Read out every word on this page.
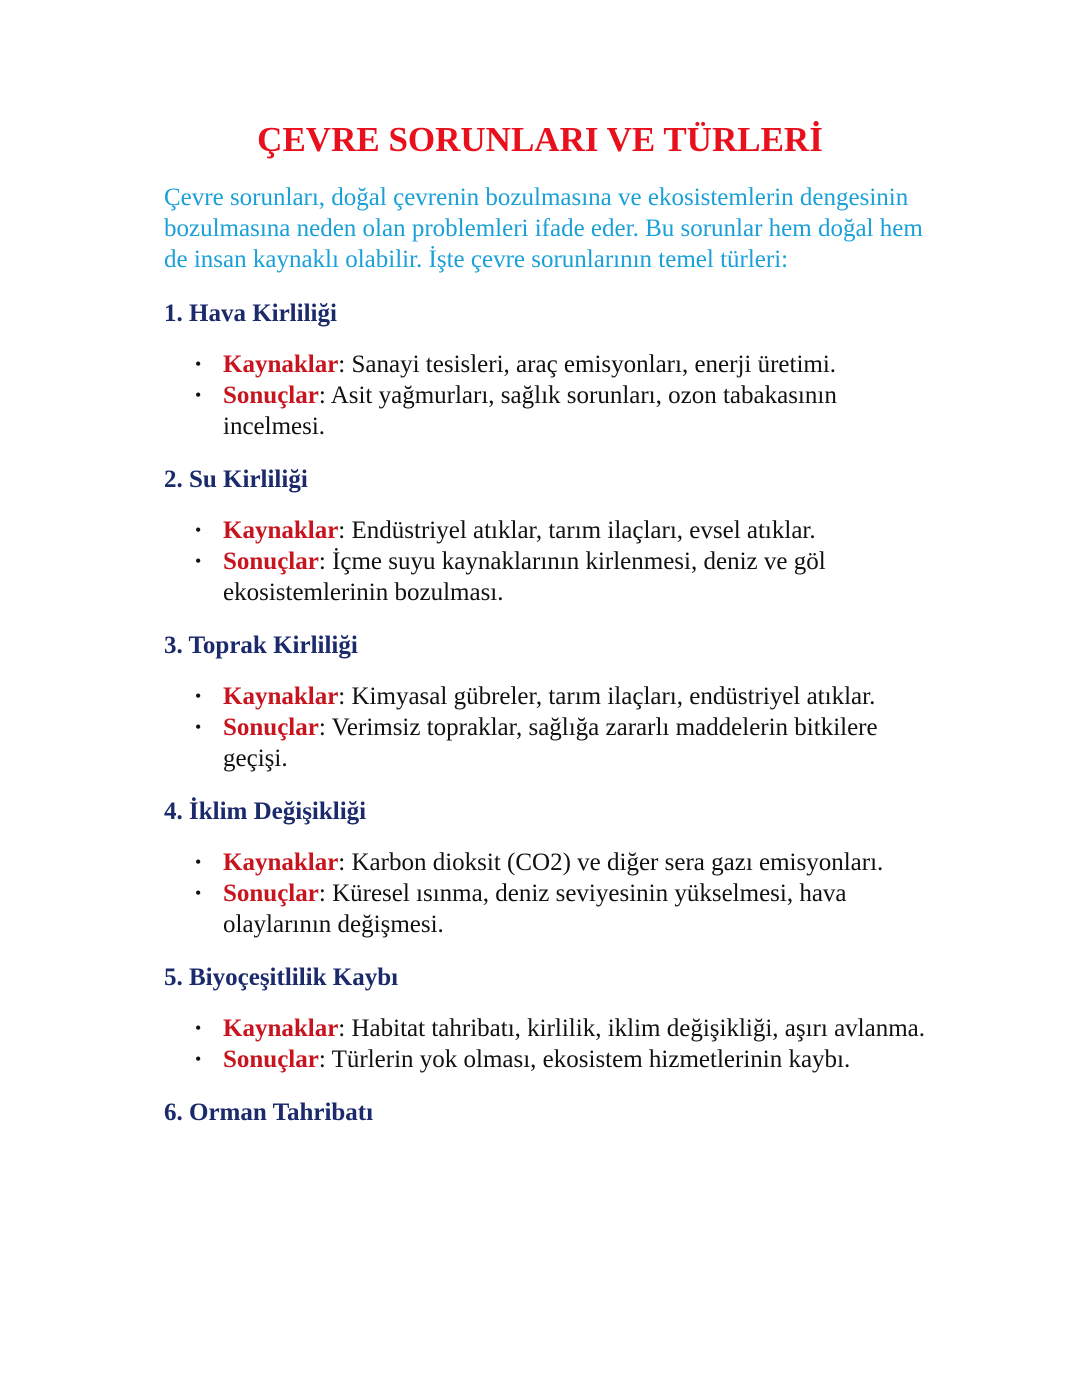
ÇEVRE SORUNLARI VE TÜRLERİ

Çevre sorunları, doğal çevrenin bozulmasına ve ekosistemlerin dengesinin bozulmasına neden olan problemleri ifade eder. Bu sorunlar hem doğal hem de insan kaynaklı olabilir. İşte çevre sorunlarının temel türleri:

1. Hava Kirliliği
• Kaynaklar: Sanayi tesisleri, araç emisyonları, enerji üretimi.
• Sonuçlar: Asit yağmurları, sağlık sorunları, ozon tabakasının incelmesi.
2. Su Kirliliği
• Kaynaklar: Endüstriyel atıklar, tarım ilaçları, evsel atıklar.
• Sonuçlar: İçme suyu kaynaklarının kirlenmesi, deniz ve göl ekosistemlerinin bozulması.
3. Toprak Kirliliği
• Kaynaklar: Kimyasal gübreler, tarım ilaçları, endüstriyel atıklar.
• Sonuçlar: Verimsiz topraklar, sağlığa zararlı maddelerin bitkilere geçişi.
4. İklim Değişikliği
• Kaynaklar: Karbon dioksit (CO2) ve diğer sera gazı emisyonları.
• Sonuçlar: Küresel ısınma, deniz seviyesinin yükselmesi, hava olaylarının değişmesi.
5. Biyoçeşitlilik Kaybı
• Kaynaklar: Habitat tahribatı, kirlilik, iklim değişikliği, aşırı avlanma.
• Sonuçlar: Türlerin yok olması, ekosistem hizmetlerinin kaybı.
6. Orman Tahribatı
